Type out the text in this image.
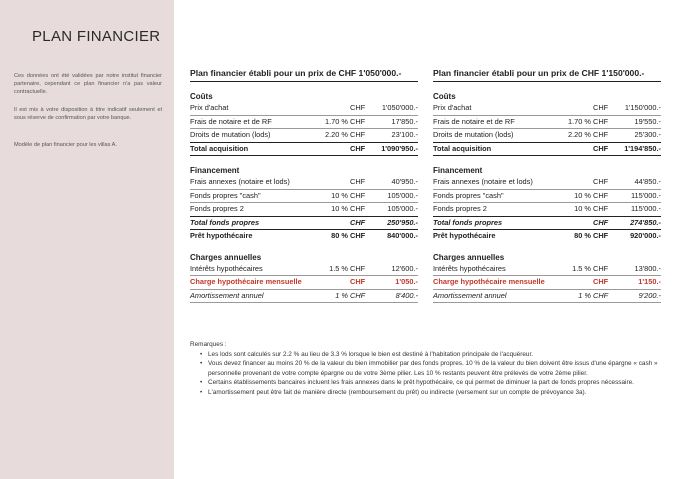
PLAN FINANCIER
Ces données ont été validées par notre institut financier partenaire, cependant ce plan financier n'a pas valeur contractuelle.
Il est mis à votre disposition à titre indicatif seulement et sous réserve de confirmation par votre banque.
Modèle de plan financier pour les villas A.
Plan financier établi pour un prix de CHF 1'050'000.-
Coûts
Prix d'achat	CHF 1'050'000.-
Frais de notaire et de RF	1.70 % CHF	17'850.-
Droits de mutation (lods)	2.20 % CHF	23'100.-
Total acquisition	CHF 1'090'950.-
Financement
Frais annexes (notaire et lods)	CHF	40'950.-
Fonds propres "cash"	10 % CHF	105'000.-
Fonds propres 2	10 % CHF	105'000.-
Total fonds propres	CHF	250'950.-
Prêt hypothécaire	80 % CHF	840'000.-
Charges annuelles
Intérêts hypothécaires	1.5 % CHF	12'600.-
Charge hypothécaire mensuelle	CHF	1'050.-
Amortissement annuel	1 % CHF	8'400.-
Plan financier établi pour un prix de CHF 1'150'000.-
Coûts
Prix d'achat	CHF 1'150'000.-
Frais de notaire et de RF	1.70 % CHF	19'550.-
Droits de mutation (lods)	2.20 % CHF	25'300.-
Total acquisition	CHF 1'194'850.-
Financement
Frais annexes (notaire et lods)	CHF	44'850.-
Fonds propres "cash"	10 % CHF	115'000.-
Fonds propres 2	10 % CHF	115'000.-
Total fonds propres	CHF	274'850.-
Prêt hypothécaire	80 % CHF	920'000.-
Charges annuelles
Intérêts hypothécaires	1.5 % CHF	13'800.-
Charge hypothécaire mensuelle	CHF	1'150.-
Amortissement annuel	1 % CHF	9'200.-
Remarques :
• Les lods sont calculés sur 2.2 % au lieu de 3.3 % lorsque le bien est destiné à l'habitation principale de l'acquéreur.
• Vous devez financer au moins 20 % de la valeur du bien immobilier par des fonds propres. 10 % de la valeur du bien doivent être issus d'une épargne « cash » personnelle provenant de votre compte épargne ou de votre 3ème pilier. Les 10 % restants peuvent être prélevés de votre 2ème pilier.
• Certains établissements bancaires incluent les frais annexes dans le prêt hypothécaire, ce qui permet de diminuer la part de fonds propres nécessaire.
• L'amortissement peut être fait de manière directe (remboursement du prêt) ou indirecte (versement sur un compte de prévoyance 3a).
